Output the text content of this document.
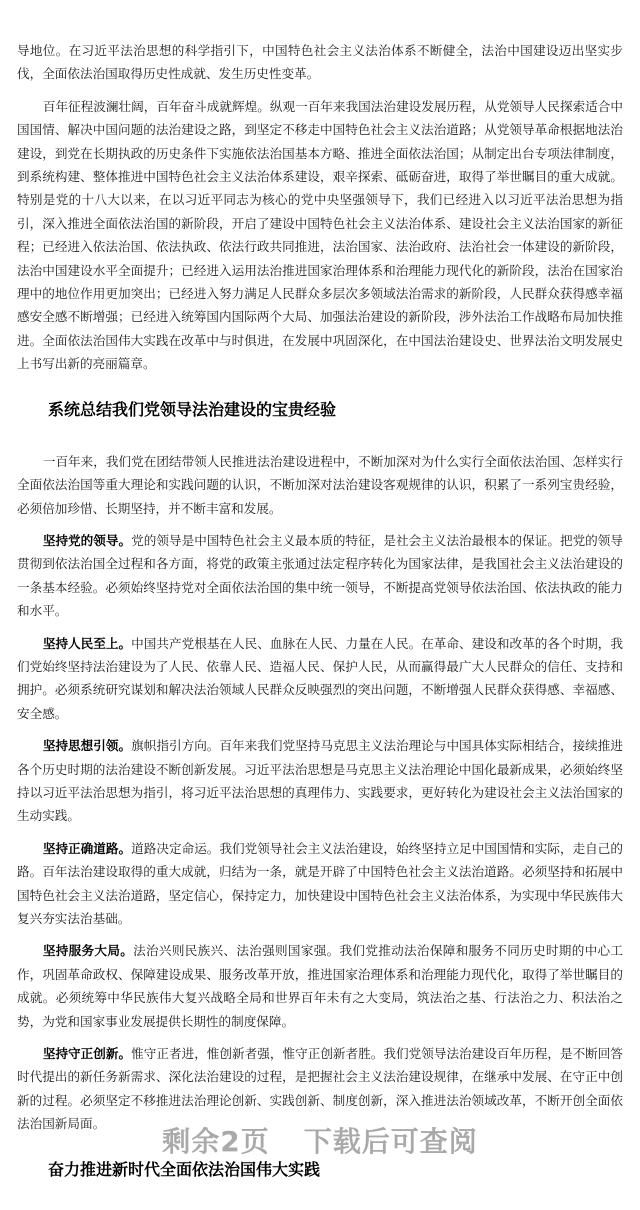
导地位。在习近平法治思想的科学指引下，中国特色社会主义法治体系不断健全，法治中国建设迈出坚实步伐，全面依法治国取得历史性成就、发生历史性变革。

百年征程波澜壮阔，百年奋斗成就辉煌。纵观一百年来我国法治建设发展历程，从党领导人民探索适合中国国情、解决中国问题的法治建设之路，到坚定不移走中国特色社会主义法治道路；从党领导革命根据地法治建设，到党在长期执政的历史条件下实施依法治国基本方略、推进全面依法治国；从制定出台专项法律制度，到系统构建、整体推进中国特色社会主义法治体系建设，艰辛探索、砥砺奋进，取得了举世瞩目的重大成就。特别是党的十八大以来，在以习近平同志为核心的党中央坚强领导下，我们已经进入以习近平法治思想为指引，深入推进全面依法治国的新阶段，开启了建设中国特色社会主义法治体系、建设社会主义法治国家的新征程；已经进入依法治国、依法执政、依法行政共同推进，法治国家、法治政府、法治社会一体建设的新阶段，法治中国建设水平全面提升；已经进入运用法治推进国家治理体系和治理能力现代化的新阶段，法治在国家治理中的地位作用更加突出；已经进入努力满足人民群众多层次多领域法治需求的新阶段，人民群众获得感幸福感安全感不断增强；已经进入统筹国内国际两个大局、加强法治建设的新阶段，涉外法治工作战略布局加快推进。全面依法治国伟大实践在改革中与时俱进，在发展中巩固深化，在中国法治建设史、世界法治文明发展史上书写出新的亮丽篇章。

系统总结我们党领导法治建设的宝贵经验

一百年来，我们党在团结带领人民推进法治建设进程中，不断加深对为什么实行全面依法治国、怎样实行全面依法治国等重大理论和实践问题的认识，不断加深对法治建设客观规律的认识，积累了一系列宝贵经验，必须倍加珍惜、长期坚持，并不断丰富和发展。

坚持党的领导。党的领导是中国特色社会主义最本质的特征，是社会主义法治最根本的保证。把党的领导贯彻到依法治国全过程和各方面，将党的政策主张通过法定程序转化为国家法律，是我国社会主义法治建设的一条基本经验。必须始终坚持党对全面依法治国的集中统一领导，不断提高党领导依法治国、依法执政的能力和水平。

坚持人民至上。中国共产党根基在人民、血脉在人民、力量在人民。在革命、建设和改革的各个时期，我们党始终坚持法治建设为了人民、依靠人民、造福人民、保护人民，从而赢得最广大人民群众的信任、支持和拥护。必须系统研究谋划和解决法治领域人民群众反映强烈的突出问题，不断增强人民群众获得感、幸福感、安全感。

坚持思想引领。旗帜指引方向。百年来我们党坚持马克思主义法治理论与中国具体实际相结合，接续推进各个历史时期的法治建设不断创新发展。习近平法治思想是马克思主义法治理论中国化最新成果，必须始终坚持以习近平法治思想为指引，将习近平法治思想的真理伟力、实践要求，更好转化为建设社会主义法治国家的生动实践。

坚持正确道路。道路决定命运。我们党领导社会主义法治建设，始终坚持立足中国国情和实际，走自己的路。百年法治建设取得的重大成就，归结为一条，就是开辟了中国特色社会主义法治道路。必须坚持和拓展中国特色社会主义法治道路，坚定信心，保持定力，加快建设中国特色社会主义法治体系，为实现中华民族伟大复兴夯实法治基础。

坚持服务大局。法治兴则民族兴、法治强则国家强。我们党推动法治保障和服务不同历史时期的中心工作，巩固革命政权、保障建设成果、服务改革开放，推进国家治理体系和治理能力现代化，取得了举世瞩目的成就。必须统筹中华民族伟大复兴战略全局和世界百年未有之大变局，筑法治之基、行法治之力、积法治之势，为党和国家事业发展提供长期性的制度保障。

坚持守正创新。惟守正者进，惟创新者强，惟守正创新者胜。我们党领导法治建设百年历程，是不断回答时代提出的新任务新需求、深化法治建设的过程，是把握社会主义法治建设规律，在继承中发展、在守正中创新的过程。必须坚定不移推进法治理论创新、实践创新、制度创新，深入推进法治领域改革，不断开创全面依法治国新局面。

奋力推进新时代全面依法治国伟大实践
剩余2页 下载后可查阅
